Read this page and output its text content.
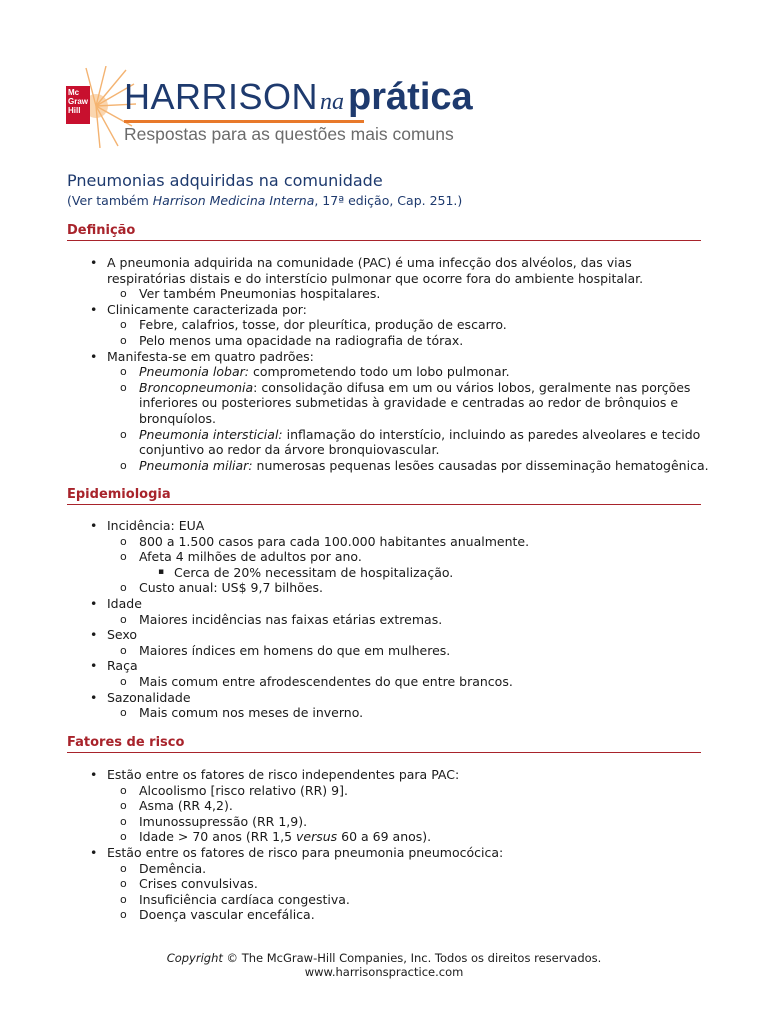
Mc
Graw
Hill HARRISONna prática
Respostas para as questões mais comuns
Pneumonias adquiridas na comunidade
(Ver também Harrison Medicina Interna, 17ª edição, Cap. 251.)
Definição
• A pneumonia adquirida na comunidade (PAC) é uma infecção dos alvéolos, das vias respiratórias distais e do interstício pulmonar que ocorre fora do ambiente hospitalar.
o Ver também Pneumonias hospitalares.
• Clinicamente caracterizada por:
o Febre, calafrios, tosse, dor pleurítica, produção de escarro.
o Pelo menos uma opacidade na radiografia de tórax.
• Manifesta-se em quatro padrões:
o Pneumonia lobar: comprometendo todo um lobo pulmonar.
o Broncopneumonia: consolidação difusa em um ou vários lobos, geralmente nas porções inferiores ou posteriores submetidas à gravidade e centradas ao redor de brônquios e bronquíolos.
o Pneumonia intersticial: inflamação do interstício, incluindo as paredes alveolares e tecido conjuntivo ao redor da árvore bronquiovascular.
o Pneumonia miliar: numerosas pequenas lesões causadas por disseminação hematogênica.
Epidemiologia
• Incidência: EUA
o 800 a 1.500 casos para cada 100.000 habitantes anualmente.
o Afeta 4 milhões de adultos por ano.
▪ Cerca de 20% necessitam de hospitalização.
o Custo anual: US$ 9,7 bilhões.
• Idade
o Maiores incidências nas faixas etárias extremas.
• Sexo
o Maiores índices em homens do que em mulheres.
• Raça
o Mais comum entre afrodescendentes do que entre brancos.
• Sazonalidade
o Mais comum nos meses de inverno.
Fatores de risco
• Estão entre os fatores de risco independentes para PAC:
o Alcoolismo [risco relativo (RR) 9].
o Asma (RR 4,2).
o Imunossupressão (RR 1,9).
o Idade > 70 anos (RR 1,5 versus 60 a 69 anos).
• Estão entre os fatores de risco para pneumonia pneumocócica:
o Demência.
o Crises convulsivas.
o Insuficiência cardíaca congestiva.
o Doença vascular encefálica.
Copyright © The McGraw-Hill Companies, Inc. Todos os direitos reservados.
www.harrisonspractice.com
